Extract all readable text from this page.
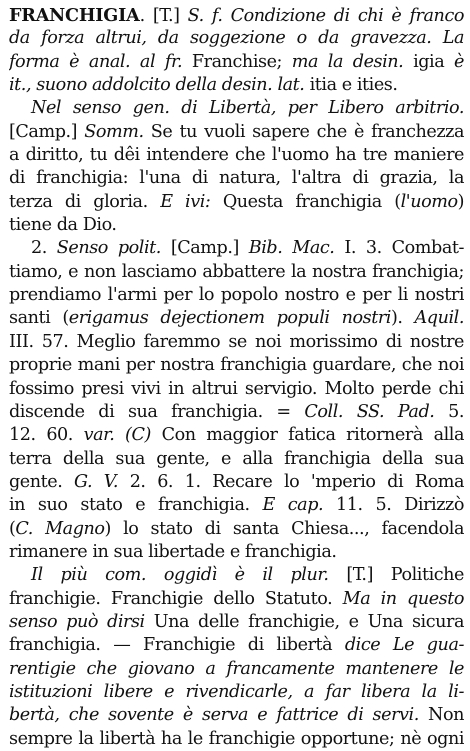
FRANCHIGIA. [T.] S. f. Condizione di chi è franco
da forza altrui, da soggezione o da gravezza. La
forma è anal. al fr. Franchise; ma la desin. igia è
it., suono addolcito della desin. lat. itia e ities.
Nel senso gen. di Libertà, per Libero arbitrio.
[Camp.] Somm. Se tu vuoli sapere che è franchezza
a diritto, tu dêi intendere che l'uomo ha tre maniere
di franchigia: l'una di natura, l'altra di grazia, la
terza di gloria. E ivi: Questa franchigia (l'uomo)
tiene da Dio.
2. Senso polit. [Camp.] Bib. Mac. I. 3. Combat-
tiamo, e non lasciamo abbattere la nostra franchigia;
prendiamo l'armi per lo popolo nostro e per li nostri
santi (erigamus dejectionem populi nostri). Aquil.
III. 57. Meglio faremmo se noi morissimo di nostre
proprie mani per nostra franchigia guardare, che noi
fossimo presi vivi in altrui servigio. Molto perde chi
discende di sua franchigia. = Coll. SS. Pad. 5.
12. 60. var. (C) Con maggior fatica ritornerà alla
terra della sua gente, e alla franchigia della sua
gente. G. V. 2. 6. 1. Recare lo 'mperio di Roma
in suo stato e franchigia. E cap. 11. 5. Dirizzò
(C. Magno) lo stato di santa Chiesa..., facendola
rimanere in sua libertade e franchigia.
Il più com. oggidì è il plur. [T.] Politiche
franchigie. Franchigie dello Statuto. Ma in questo
senso può dirsi Una delle franchigie, e Una sicura
franchigia. — Franchigie di libertà dice Le gua-
rentigie che giovano a francamente mantenere le
istituzioni libere e rivendicarle, a far libera la li-
bertà, che sovente è serva e fattrice di servi. Non
sempre la libertà ha le franchigie opportune; nè ogni
